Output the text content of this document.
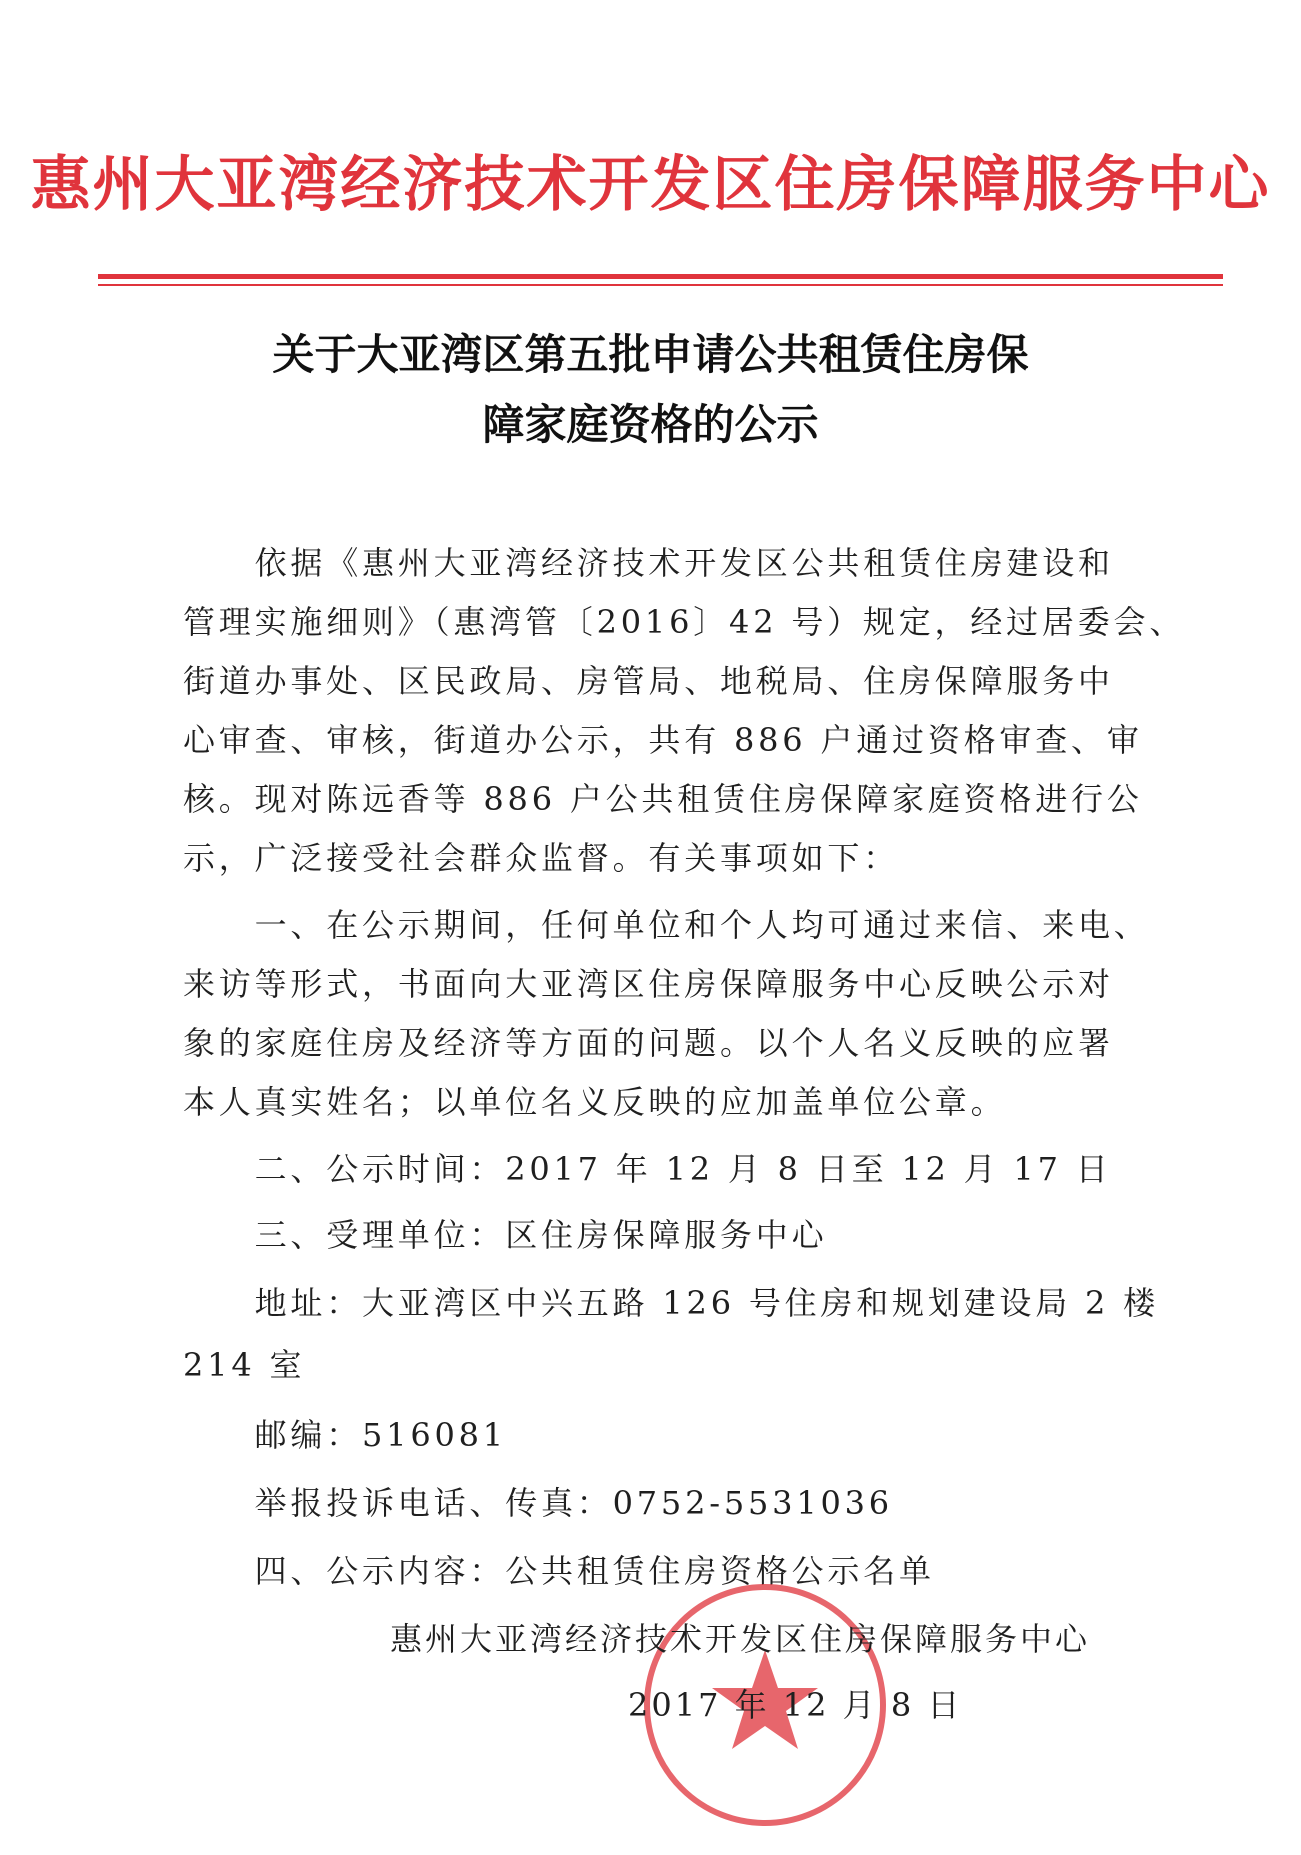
惠州大亚湾经济技术开发区住房保障服务中心
关于大亚湾区第五批申请公共租赁住房保
障家庭资格的公示
　　依据《惠州大亚湾经济技术开发区公共租赁住房建设和
管理实施细则》（惠湾管〔2016〕42 号）规定，经过居委会、
街道办事处、区民政局、房管局、地税局、住房保障服务中
心审查、审核，街道办公示，共有 886 户通过资格审查、审
核。现对陈远香等 886 户公共租赁住房保障家庭资格进行公
示，广泛接受社会群众监督。有关事项如下：
　　一、在公示期间，任何单位和个人均可通过来信、来电、
来访等形式，书面向大亚湾区住房保障服务中心反映公示对
象的家庭住房及经济等方面的问题。以个人名义反映的应署
本人真实姓名；以单位名义反映的应加盖单位公章。
　　二、公示时间：2017 年 12 月 8 日至 12 月 17 日
　　三、受理单位：区住房保障服务中心
　　地址：大亚湾区中兴五路 126 号住房和规划建设局 2 楼
214 室
　　邮编：516081
　　举报投诉电话、传真：0752-5531036
　　四、公示内容：公共租赁住房资格公示名单
惠州大亚湾经济技术开发区住房保障服务中心
2017 年 12 月 8 日
